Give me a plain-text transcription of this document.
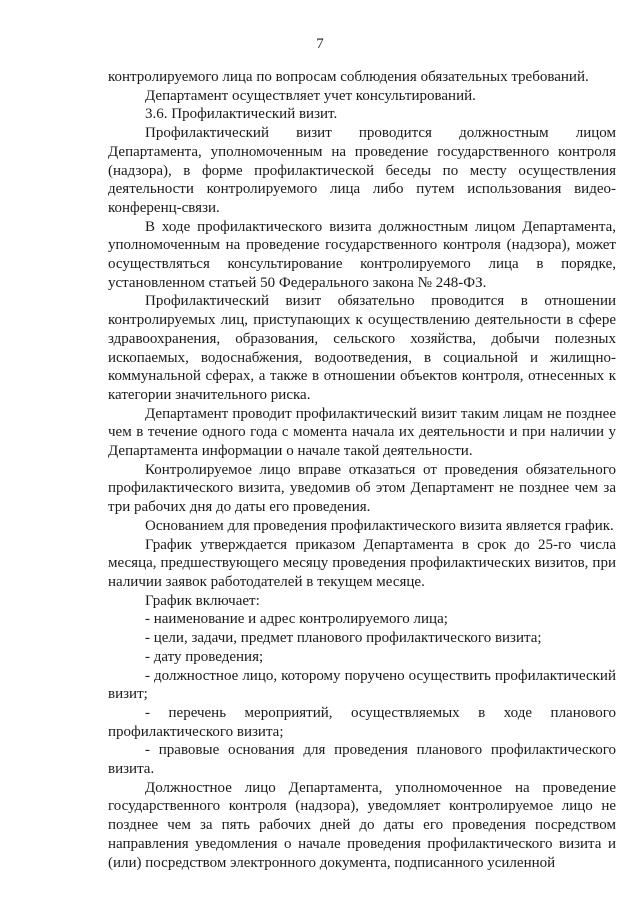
7

контролируемого лица по вопросам соблюдения обязательных требований.

Департамент осуществляет учет консультирований.

3.6. Профилактический визит.

Профилактический визит проводится должностным лицом Департамента, уполномоченным на проведение государственного контроля (надзора), в форме профилактической беседы по месту осуществления деятельности контролируемого лица либо путем использования видео-конференц-связи.

В ходе профилактического визита должностным лицом Департамента, уполномоченным на проведение государственного контроля (надзора), может осуществляться консультирование контролируемого лица в порядке, установленном статьей 50 Федерального закона № 248-ФЗ.

Профилактический визит обязательно проводится в отношении контролируемых лиц, приступающих к осуществлению деятельности в сфере здравоохранения, образования, сельского хозяйства, добычи полезных ископаемых, водоснабжения, водоотведения, в социальной и жилищно-коммунальной сферах, а также в отношении объектов контроля, отнесенных к категории значительного риска.

Департамент проводит профилактический визит таким лицам не позднее чем в течение одного года с момента начала их деятельности и при наличии у Департамента информации о начале такой деятельности.

Контролируемое лицо вправе отказаться от проведения обязательного профилактического визита, уведомив об этом Департамент не позднее чем за три рабочих дня до даты его проведения.

Основанием для проведения профилактического визита является график.

График утверждается приказом Департамента в срок до 25-го числа месяца, предшествующего месяцу проведения профилактических визитов, при наличии заявок работодателей в текущем месяце.

График включает:

- наименование и адрес контролируемого лица;

- цели, задачи, предмет планового профилактического визита;

- дату проведения;

- должностное лицо, которому поручено осуществить профилактический визит;

- перечень мероприятий, осуществляемых в ходе планового профилактического визита;

- правовые основания для проведения планового профилактического визита.

Должностное лицо Департамента, уполномоченное на проведение государственного контроля (надзора), уведомляет контролируемое лицо не позднее чем за пять рабочих дней до даты его проведения посредством направления уведомления о начале проведения профилактического визита и (или) посредством электронного документа, подписанного усиленной
